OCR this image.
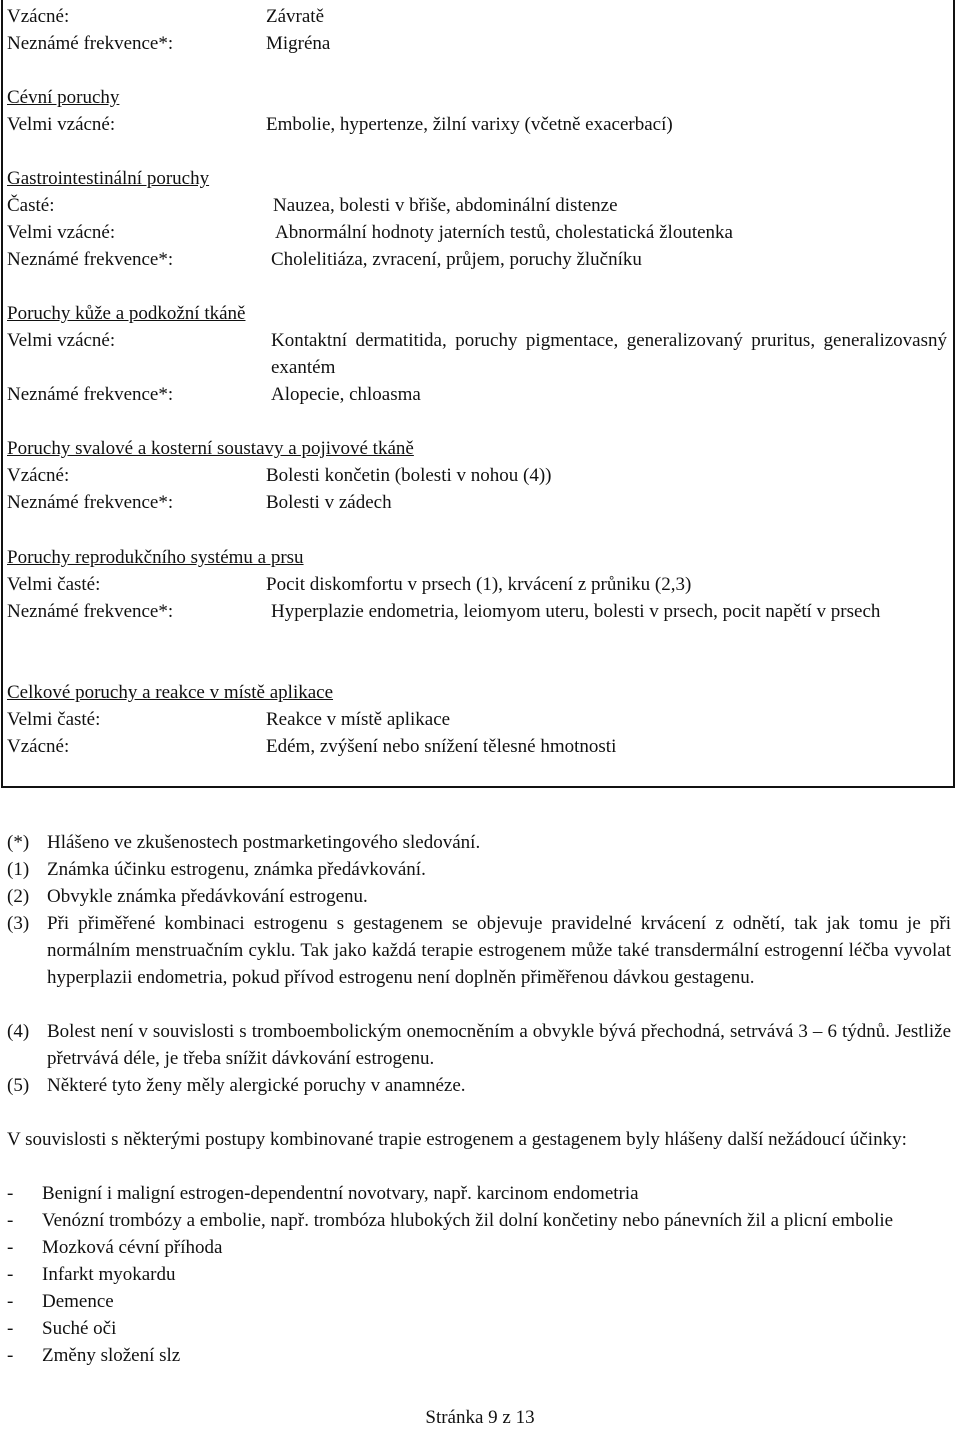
Vzácné:	Závratě
Neznámé frekvence*:	Migréna
Cévní poruchy
Velmi vzácné:	Embolie, hypertenze, žilní varixy (včetně exacerbací)
Gastrointestinální poruchy
Časté:	Nauzea, bolesti v břiše, abdominální distenze
Velmi vzácné:	Abnormální hodnoty jaterních testů, cholestatická žloutenka
Neznámé frekvence*:	Cholelitiáza, zvracení, průjem, poruchy žlučníku
Poruchy kůže a podkožní tkáně
Velmi vzácné:	Kontaktní dermatitida, poruchy pigmentace, generalizovaný pruritus, generalizovasný exantém
Neznámé frekvence*:	Alopecie, chloasma
Poruchy svalové a kosterní soustavy a pojivové tkáně
Vzácné:	Bolesti končetin (bolesti v nohou (4))
Neznámé frekvence*:	Bolesti v zádech
Poruchy reprodukčního systému a prsu
Velmi časté:	Pocit diskomfortu v prsech (1), krvácení z průniku (2,3)
Neznámé frekvence*:	Hyperplazie endometria, leiomyom uteru, bolesti v prsech, pocit napětí v prsech
Celkové poruchy a reakce v místě aplikace
Velmi časté:	Reakce v místě aplikace
Vzácné:	Edém, zvýšení nebo snížení tělesné hmotnosti
(*) Hlášeno ve zkušenostech postmarketingového sledování.
(1) Známka účinku estrogenu, známka předávkování.
(2) Obvykle známka předávkování estrogenu.
(3) Při přiměřené kombinaci estrogenu s gestagenem se objevuje pravidelné krvácení z odnětí, tak jak tomu je při normálním menstruačním cyklu. Tak jako každá terapie estrogenem může také transdermální estrogenní léčba vyvolat hyperplazii endometria, pokud přívod estrogenu není doplněn přiměřenou dávkou gestagenu.
(4) Bolest není v souvislosti s tromboembolickým onemocněním a obvykle bývá přechodná, setrvává 3 – 6 týdnů. Jestliže přetrvává déle, je třeba snížit dávkování estrogenu.
(5) Některé tyto ženy měly alergické poruchy v anamnéze.
V souvislosti s některými postupy kombinované trapie estrogenem a gestagenem byly hlášeny další nežádoucí účinky:
- Benigní i maligní estrogen-dependentní novotvary, např. karcinom endometria
- Venózní trombózy a embolie, např. trombóza hlubokých žil dolní končetiny nebo pánevních žil a plicní embolie
- Mozková cévní příhoda
- Infarkt myokardu
- Demence
- Suché oči
- Změny složení slz
Stránka 9 z 13
